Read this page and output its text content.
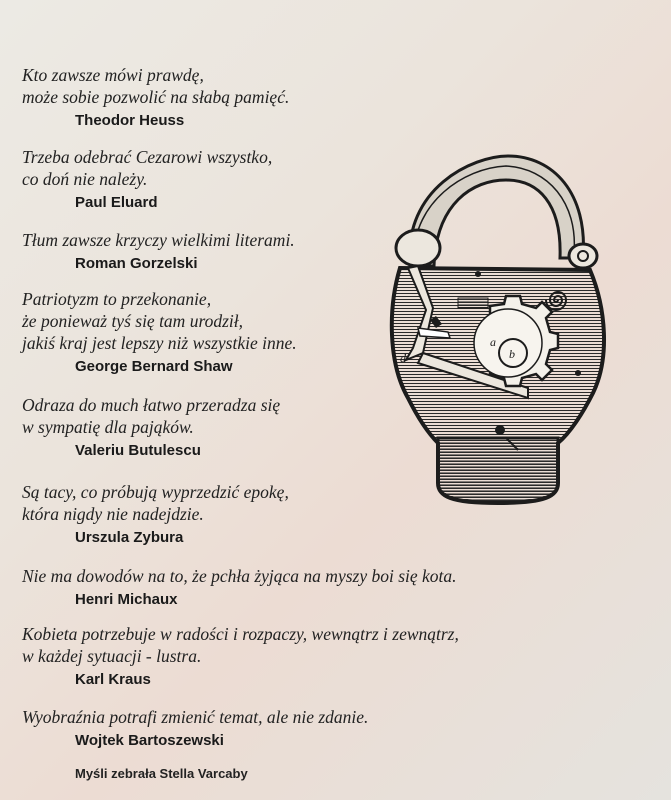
Kto zawsze mówi prawdę,
może sobie pozwolić na słabą pamięć.
Theodor Heuss
Trzeba odebrać Cezarowi wszystko,
co doń nie należy.
Paul Eluard
Tłum zawsze krzyczy wielkimi literami.
Roman Gorzelski
Patriotyzm to przekonanie,
że ponieważ tyś się tam urodził,
jakiś kraj jest lepszy niż wszystkie inne.
George Bernard Shaw
Odraza do much łatwo przeradza się
w sympatię dla pająków.
Valeriu Butulescu
Są tacy, co próbują wyprzedzić epokę,
która nigdy nie nadejdzie.
Urszula Zybura
Nie ma dowodów na to, że pchła żyjąca na myszy boi się kota.
Henri Michaux
Kobieta potrzebuje w radości i rozpaczy, wewnątrz i zewnątrz,
w każdej sytuacji - lustra.
Karl Kraus
Wyobraźnia potrafi zmienić temat, ale nie zdanie.
Wojtek Bartoszewski
Myśli zebrała Stella Varcaby
a
b
d
